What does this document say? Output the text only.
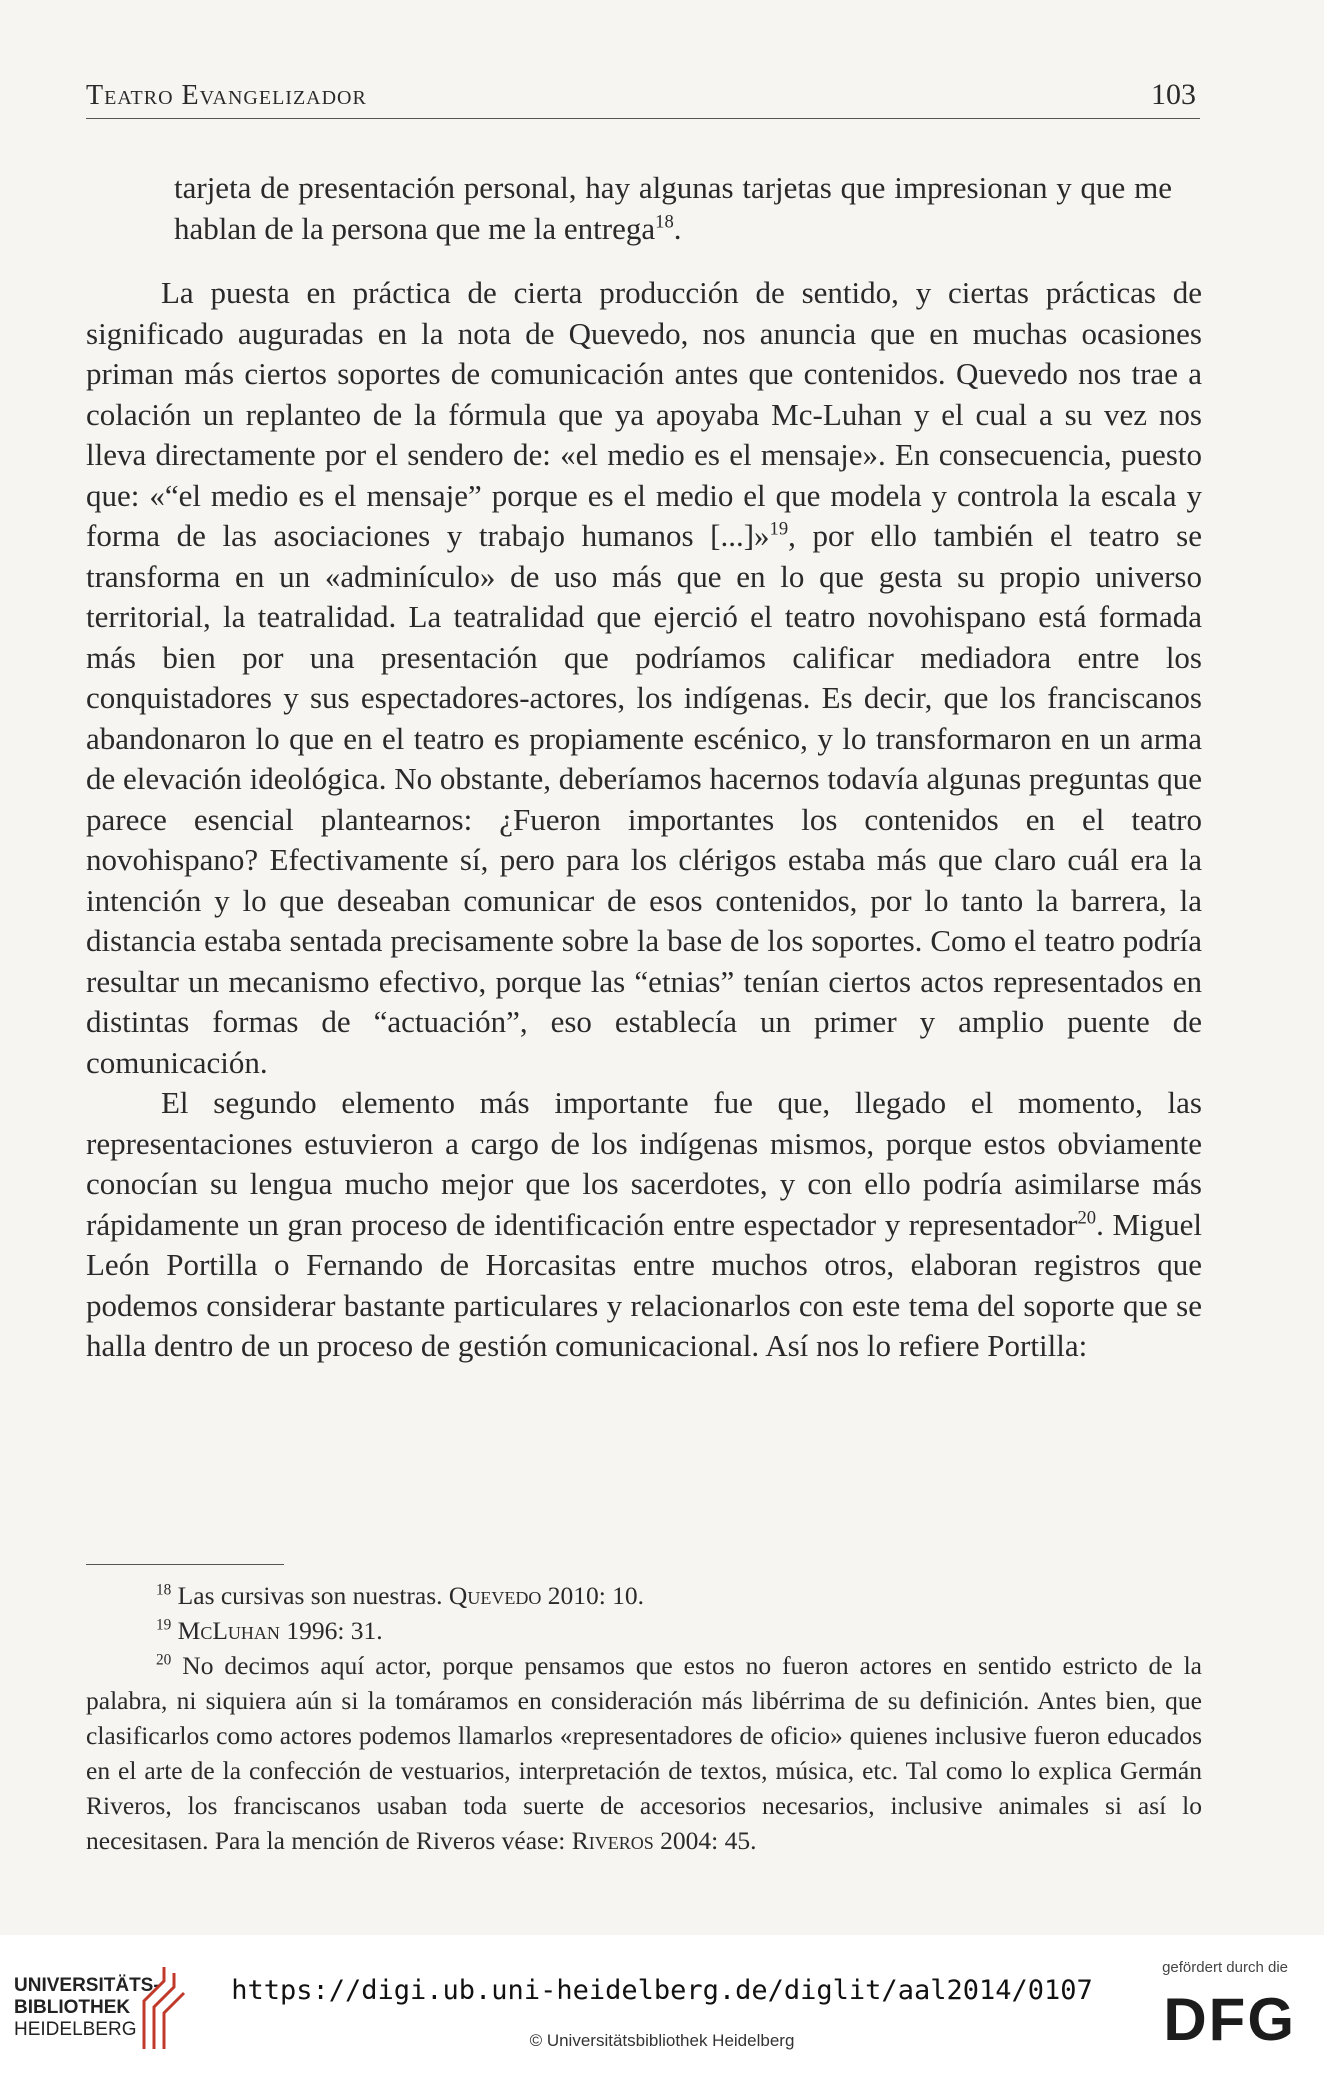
Teatro Evangelizador	103

tarjeta de presentación personal, hay algunas tarjetas que impresionan y que me hablan de la persona que me la entrega$^{18}$.

La puesta en práctica de cierta producción de sentido, y ciertas prácticas de significado auguradas en la nota de Quevedo, nos anuncia que en muchas ocasiones priman más ciertos soportes de comunicación antes que contenidos. Quevedo nos trae a colación un replanteo de la fórmula que ya apoyaba Mc-Luhan y el cual a su vez nos lleva directamente por el sendero de: «el medio es el mensaje». En consecuencia, puesto que: «“el medio es el mensaje” porque es el medio el que modela y controla la escala y forma de las asociaciones y trabajo humanos [...]»$^{19}$, por ello también el teatro se transforma en un «adminículo» de uso más que en lo que gesta su propio universo territorial, la teatralidad. La teatralidad que ejerció el teatro novohispano está formada más bien por una presentación que podríamos calificar mediadora entre los conquistadores y sus espectadores-actores, los indígenas. Es decir, que los franciscanos abandonaron lo que en el teatro es propiamente escénico, y lo transformaron en un arma de elevación ideológica. No obstante, deberíamos hacernos todavía algunas preguntas que parece esencial plantearnos: ¿Fueron importantes los contenidos en el teatro novohispano? Efectivamente sí, pero para los clérigos estaba más que claro cuál era la intención y lo que deseaban comunicar de esos contenidos, por lo tanto la barrera, la distancia estaba sentada precisamente sobre la base de los soportes. Como el teatro podría resultar un mecanismo efectivo, porque las “etnias” tenían ciertos actos representados en distintas formas de “actuación”, eso establecía un primer y amplio puente de comunicación.

El segundo elemento más importante fue que, llegado el momento, las representaciones estuvieron a cargo de los indígenas mismos, porque estos obviamente conocían su lengua mucho mejor que los sacerdotes, y con ello podría asimilarse más rápidamente un gran proceso de identificación entre espectador y representador$^{20}$. Miguel León Portilla o Fernando de Horcasitas entre muchos otros, elaboran registros que podemos considerar bastante particulares y relacionarlos con este tema del soporte que se halla dentro de un proceso de gestión comunicacional. Así nos lo refiere Portilla:

$^{18}$ Las cursivas son nuestras. Quevedo 2010: 10.

$^{19}$ McLuhan 1996: 31.

$^{20}$ No decimos aquí actor, porque pensamos que estos no fueron actores en sentido estricto de la palabra, ni siquiera aún si la tomáramos en consideración más libérrima de su definición. Antes bien, que clasificarlos como actores podemos llamarlos «representadores de oficio» quienes inclusive fueron educados en el arte de la confección de vestuarios, interpretación de textos, música, etc. Tal como lo explica Germán Riveros, los franciscanos usaban toda suerte de accesorios necesarios, inclusive animales si así lo necesitasen. Para la mención de Riveros véase: Riveros 2004: 45.

UNIVERSITÄTS-
BIBLIOTHEK
HEIDELBERG
https://digi.ub.uni-heidelberg.de/diglit/aal2014/0107
© Universitätsbibliothek Heidelberg
gefördert durch die
DFG
